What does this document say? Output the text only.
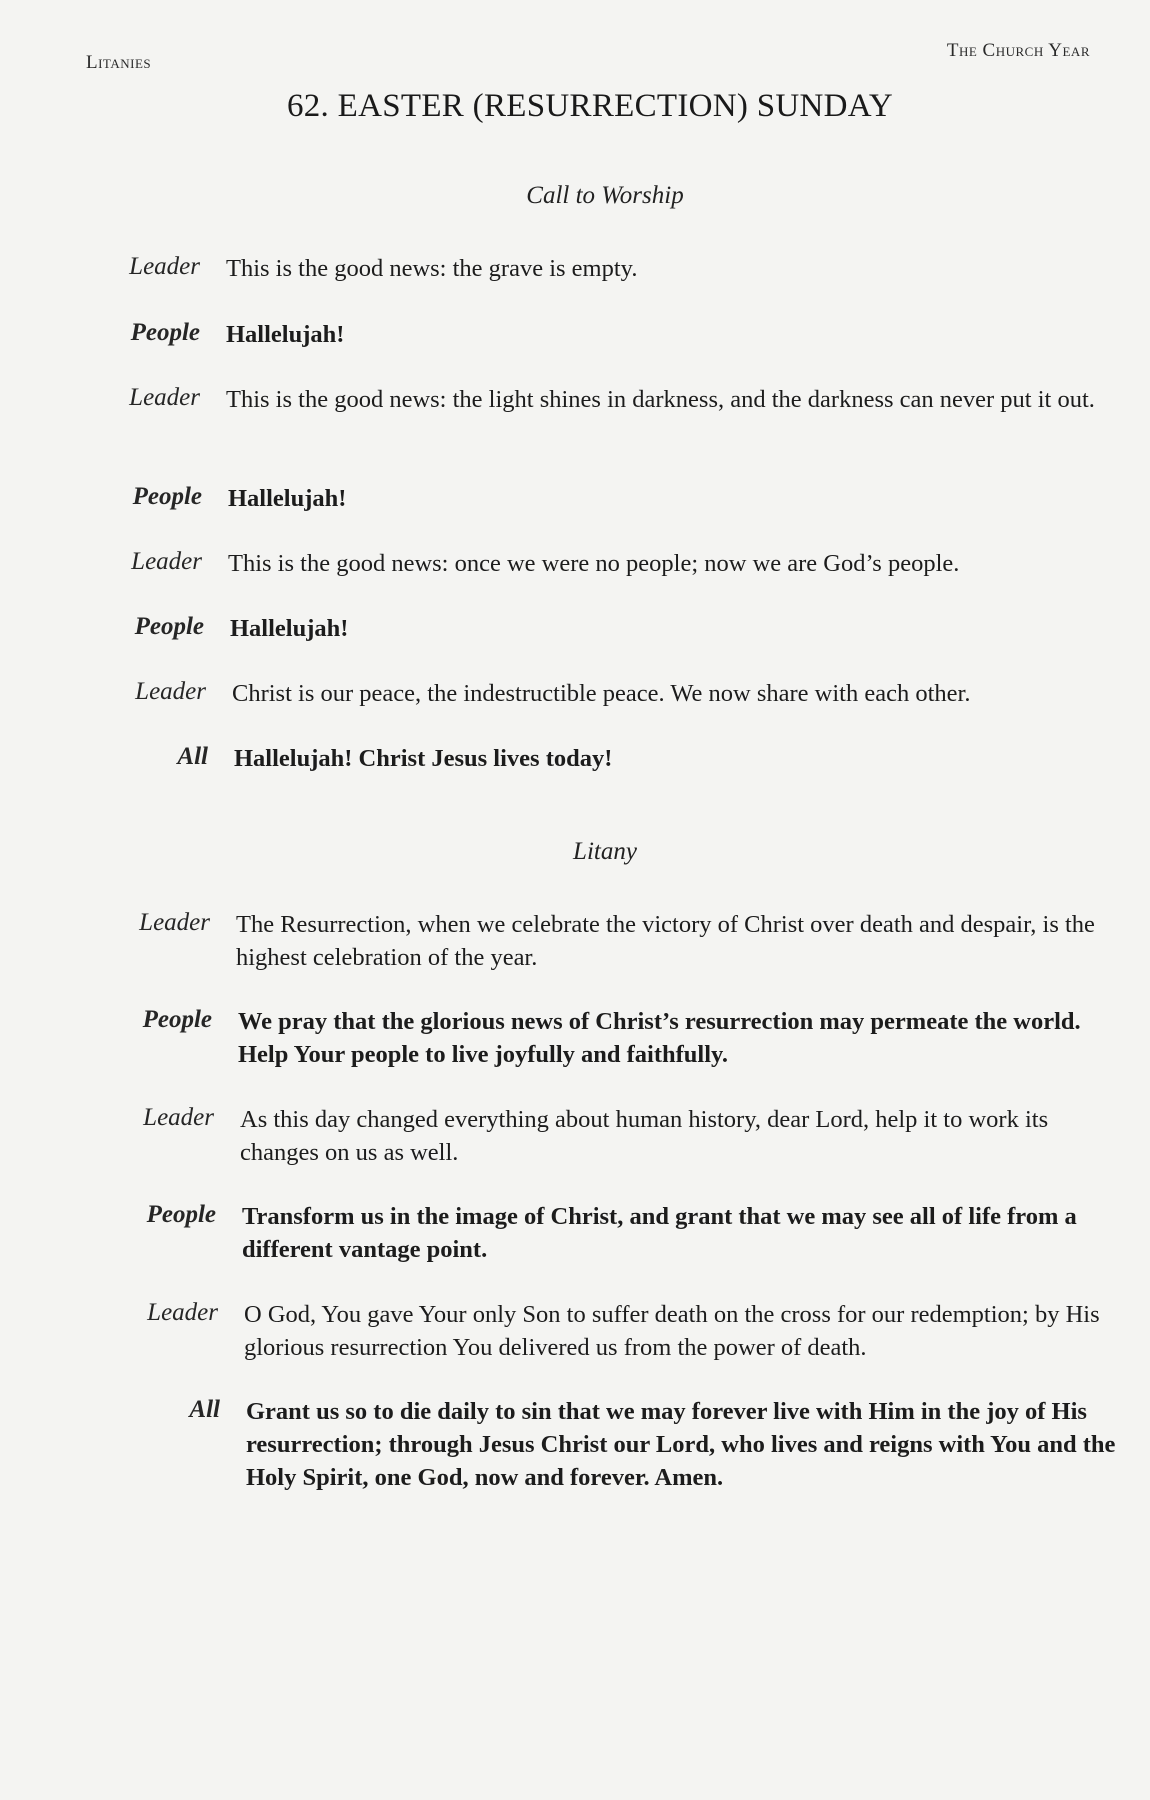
Litanies
The Church Year
62. EASTER (RESURRECTION) SUNDAY
Call to Worship
Leader This is the good news: the grave is empty.
People Hallelujah!
Leader This is the good news: the light shines in darkness, and the darkness can never put it out.
People Hallelujah!
Leader This is the good news: once we were no people; now we are God’s people.
People Hallelujah!
Leader Christ is our peace, the indestructible peace. We now share with each other.
All Hallelujah! Christ Jesus lives today!
Litany
Leader The Resurrection, when we celebrate the victory of Christ over death and despair, is the highest celebration of the year.
People We pray that the glorious news of Christ’s resurrection may permeate the world. Help Your people to live joyfully and faithfully.
Leader As this day changed everything about human history, dear Lord, help it to work its changes on us as well.
People Transform us in the image of Christ, and grant that we may see all of life from a different vantage point.
Leader O God, You gave Your only Son to suffer death on the cross for our redemption; by His glorious resurrection You delivered us from the power of death.
All Grant us so to die daily to sin that we may forever live with Him in the joy of His resurrection; through Jesus Christ our Lord, who lives and reigns with You and the Holy Spirit, one God, now and forever. Amen.
